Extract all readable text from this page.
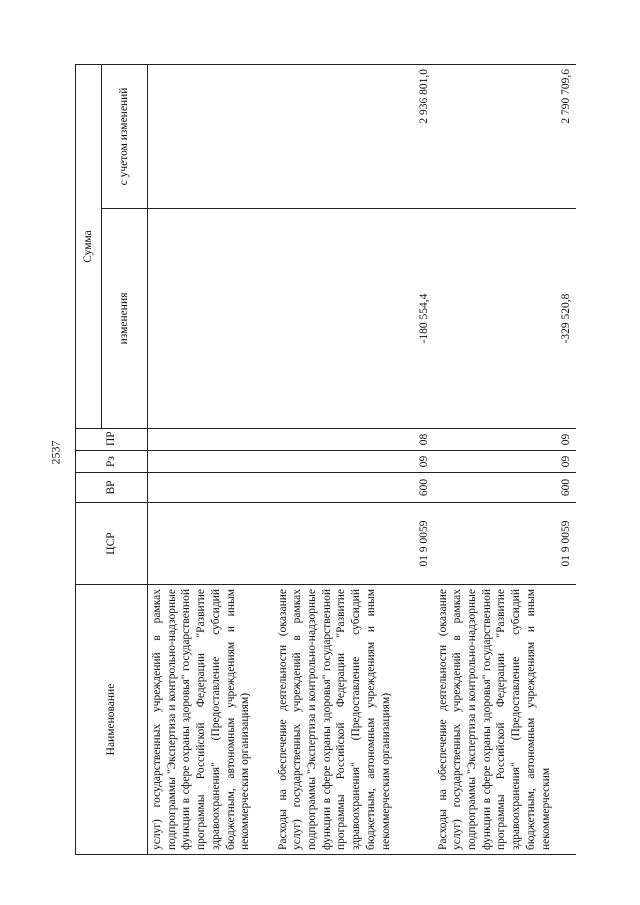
2537
Наименование	ЦСР	ВР	Рз	ПР	Сумма	
					изменения	с учетом изменений
услуг) государственных учреждений в рамках подпрограммы "Экспертиза и контрольно-надзорные функции в сфере охраны здоровья" государственной программы Российской Федерации "Развитие здравоохранения" (Предоставление субсидий бюджетным, автономным учреждениям и иным некоммерческим организациям)						
Расходы на обеспечение деятельности (оказание услуг) государственных учреждений в рамках подпрограммы "Экспертиза и контрольно-надзорные функции в сфере охраны здоровья" государственной программы Российской Федерации "Развитие здравоохранения" (Предоставление субсидий бюджетным, автономным учреждениям и иным некоммерческим организациям)	01 9 0059	600	09	08	-180 554,4	2 936 801,0
Расходы на обеспечение деятельности (оказание услуг) государственных учреждений в рамках подпрограммы "Экспертиза и контрольно-надзорные функции в сфере охраны здоровья" государственной программы Российской Федерации "Развитие здравоохранения" (Предоставление субсидий бюджетным, автономным учреждениям и иным некоммерческим	01 9 0059	600	09	09	-329 520,8	2 790 709,6
